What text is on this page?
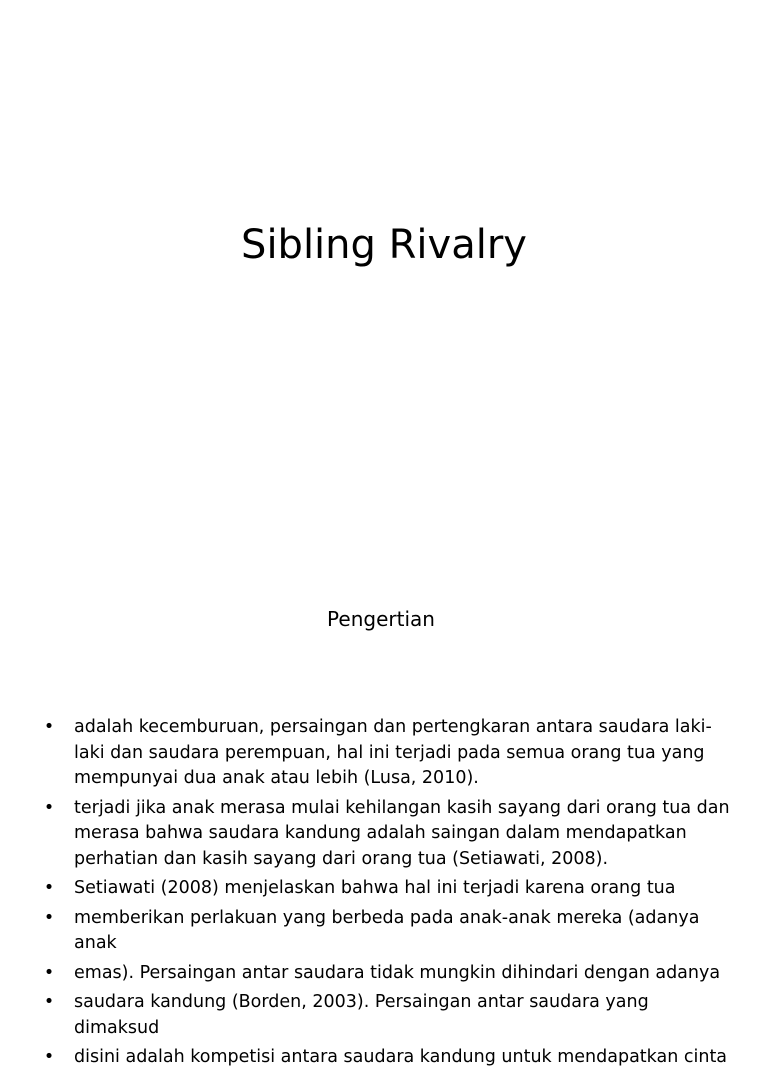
Sibling Rivalry

Pengertian

• adalah kecemburuan, persaingan dan pertengkaran antara saudara laki-laki dan saudara perempuan, hal ini terjadi pada semua orang tua yang mempunyai dua anak atau lebih (Lusa, 2010).
• terjadi jika anak merasa mulai kehilangan kasih sayang dari orang tua dan merasa bahwa saudara kandung adalah saingan dalam mendapatkan perhatian dan kasih sayang dari orang tua (Setiawati, 2008).
• Setiawati (2008) menjelaskan bahwa hal ini terjadi karena orang tua
• memberikan perlakuan yang berbeda pada anak-anak mereka (adanya anak
• emas). Persaingan antar saudara tidak mungkin dihindari dengan adanya
• saudara kandung (Borden, 2003). Persaingan antar saudara yang dimaksud
• disini adalah kompetisi antara saudara kandung untuk mendapatkan cinta
